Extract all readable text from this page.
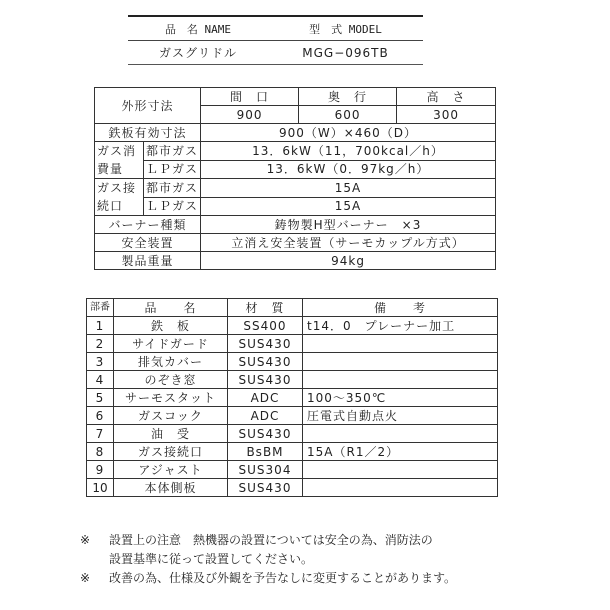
品　名 NAME	型　式 MODEL
ガスグリドル	MGG−096TB
外形寸法		間　口	奥　行	高　さ
		900	600	300
鉄板有効寸法		900（W）×460（D）		
ガス消費量	都市ガス	13．6kW（11，700kcal／h）		
	ＬＰガス	13．6kW（0．97kg／h）		
ガス接続口	都市ガス	15A		
	ＬＰガス	15A		
バーナー種類		鋳物製H型バーナー　×3		
安全装置		立消え安全装置（サーモカップル方式）		
製品重量		94kg		
部番	品　　名	材　質	備　　考
1	鉄　板	SS400	t14．0　プレーナー加工
2	サイドガード	SUS430	
3	排気カバー	SUS430	
4	のぞき窓	SUS430	
5	サーモスタット	ADC	100〜350℃
6	ガスコック	ADC	圧電式自動点火
7	油　受	SUS430	
8	ガス接続口	BsBM	15A（R1／2）
9	アジャスト	SUS304	
10	本体側板	SUS430	
※	設置上の注意　熱機器の設置については安全の為、消防法の
設置基準に従って設置してください。
※	改善の為、仕様及び外観を予告なしに変更することがあります。
